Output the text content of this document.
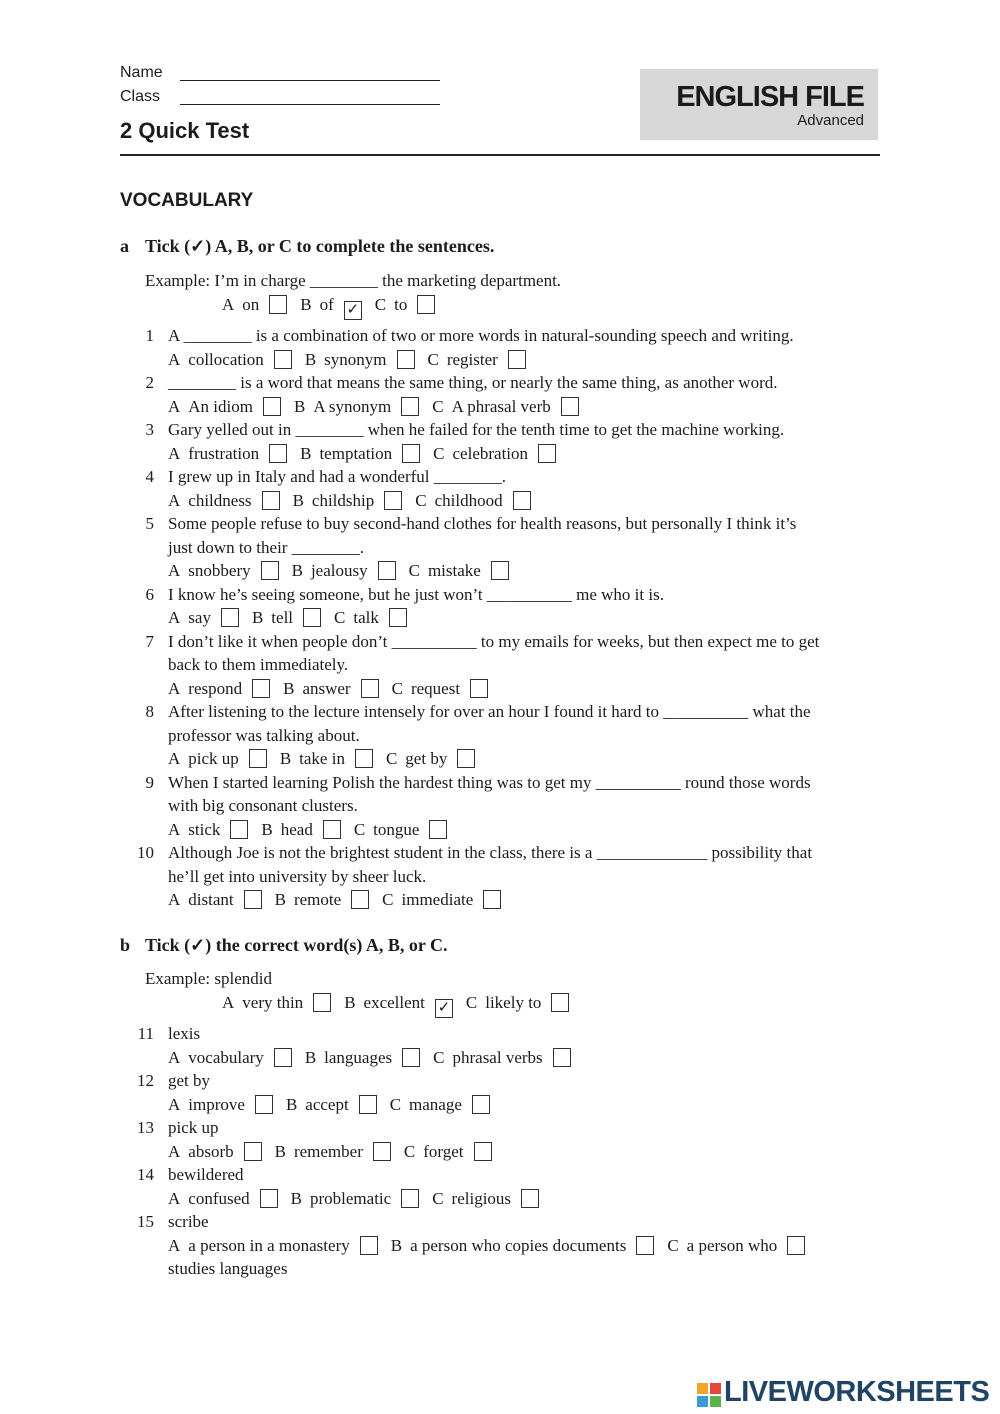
Name
Class
2 Quick Test
ENGLISH FILE
Advanced
VOCABULARY
a Tick (✓) A, B, or C to complete the sentences.
Example: I’m in charge ________ the marketing department.
A on B of ✓ C to
1 A ________ is a combination of two or more words in natural-sounding speech and writing.
A collocation B synonym C register
2 ________ is a word that means the same thing, or nearly the same thing, as another word.
A An idiom B A synonym C A phrasal verb
3 Gary yelled out in ________ when he failed for the tenth time to get the machine working.
A frustration B temptation C celebration
4 I grew up in Italy and had a wonderful ________.
A childness B childship C childhood
5 Some people refuse to buy second-hand clothes for health reasons, but personally I think it’s
just down to their ________.
A snobbery B jealousy C mistake
6 I know he’s seeing someone, but he just won’t __________ me who it is.
A say B tell C talk
7 I don’t like it when people don’t __________ to my emails for weeks, but then expect me to get
back to them immediately.
A respond B answer C request
8 After listening to the lecture intensely for over an hour I found it hard to __________ what the
professor was talking about.
A pick up B take in C get by
9 When I started learning Polish the hardest thing was to get my __________ round those words
with big consonant clusters.
A stick B head C tongue
10 Although Joe is not the brightest student in the class, there is a _____________ possibility that
he’ll get into university by sheer luck.
A distant B remote C immediate
b Tick (✓) the correct word(s) A, B, or C.
Example: splendid
A very thin B excellent ✓ C likely to
11 lexis
A vocabulary B languages C phrasal verbs
12 get by
A improve B accept C manage
13 pick up
A absorb B remember C forget
14 bewildered
A confused B problematic C religious
15 scribe
A a person in a monastery B a person who copies documents C a person who
studies languages
LIVEWORKSHEETS
